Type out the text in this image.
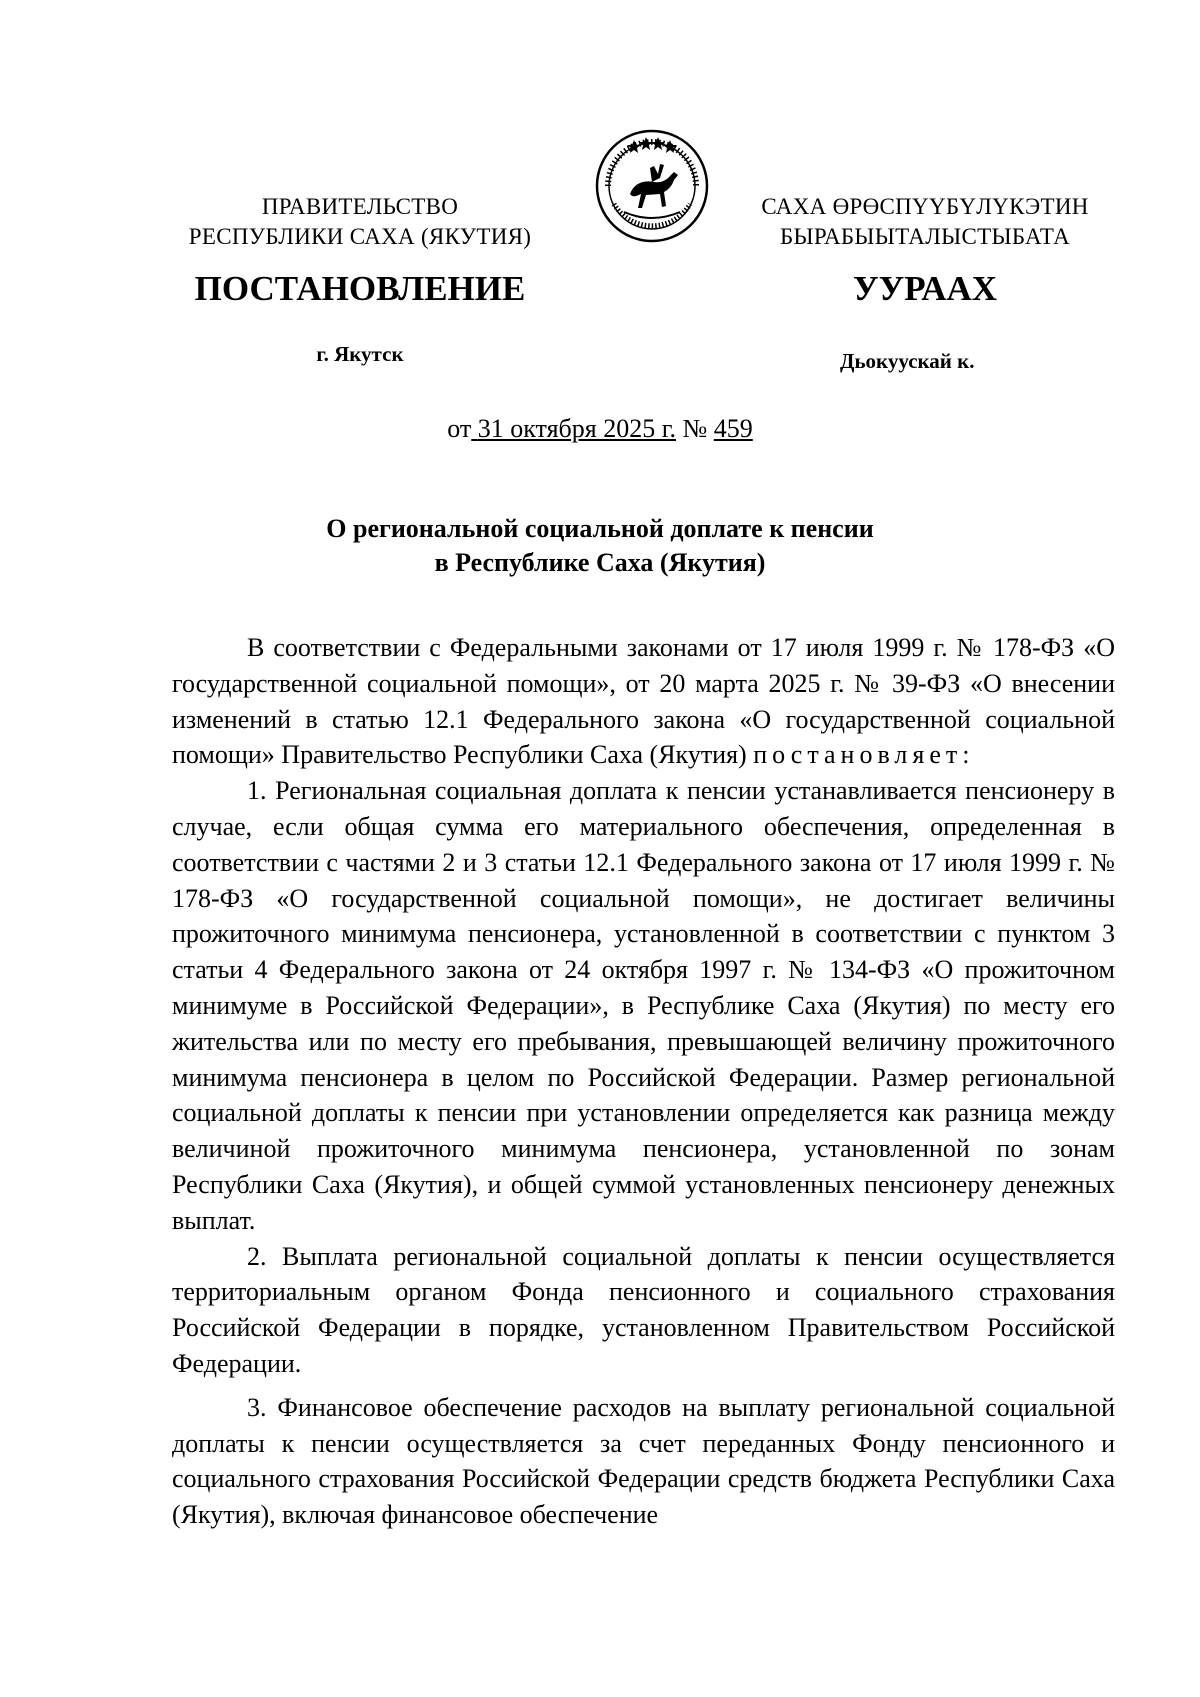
ПРАВИТЕЛЬСТВО
РЕСПУБЛИКИ САХА (ЯКУТИЯ)
САХА ӨРӨСПҮҮБҮЛҮКЭТИН
БЫРАБЫЫТАЛЫСТЫБАТА
ПОСТАНОВЛЕНИЕ	УУРААХ
г. Якутск	Дьокуускай к.
от 31 октября 2025 г. № 459
О региональной социальной доплате к пенсии
в Республике Саха (Якутия)

В соответствии с Федеральными законами от 17 июля 1999 г. № 178-ФЗ «О государственной социальной помощи», от 20 марта 2025 г. № 39-ФЗ «О внесении изменений в статью 12.1 Федерального закона «О государственной социальной помощи» Правительство Республики Саха (Якутия) постановляет:

1. Региональная социальная доплата к пенсии устанавливается пенсионеру в случае, если общая сумма его материального обеспечения, определенная в соответствии с частями 2 и 3 статьи 12.1 Федерального закона от 17 июля 1999 г. № 178-ФЗ «О государственной социальной помощи», не достигает величины прожиточного минимума пенсионера, установленной в соответствии с пунктом 3 статьи 4 Федерального закона от 24 октября 1997 г. № 134-ФЗ «О прожиточном минимуме в Российской Федерации», в Республике Саха (Якутия) по месту его жительства или по месту его пребывания, превышающей величину прожиточного минимума пенсионера в целом по Российской Федерации. Размер региональной социальной доплаты к пенсии при установлении определяется как разница между величиной прожиточного минимума пенсионера, установленной по зонам Республики Саха (Якутия), и общей суммой установленных пенсионеру денежных выплат.

2. Выплата региональной социальной доплаты к пенсии осуществляется территориальным органом Фонда пенсионного и социального страхования Российской Федерации в порядке, установленном Правительством Российской Федерации.

3. Финансовое обеспечение расходов на выплату региональной социальной доплаты к пенсии осуществляется за счет переданных Фонду пенсионного и социального страхования Российской Федерации средств бюджета Республики Саха (Якутия), включая финансовое обеспечение
